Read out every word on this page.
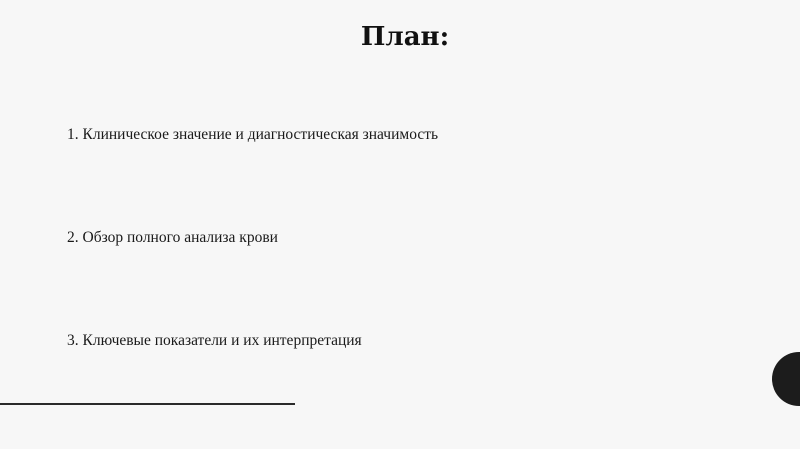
План:
1. Клиническое значение и диагностическая значимость
2. Обзор полного анализа крови
3. Ключевые показатели и их интерпретация
